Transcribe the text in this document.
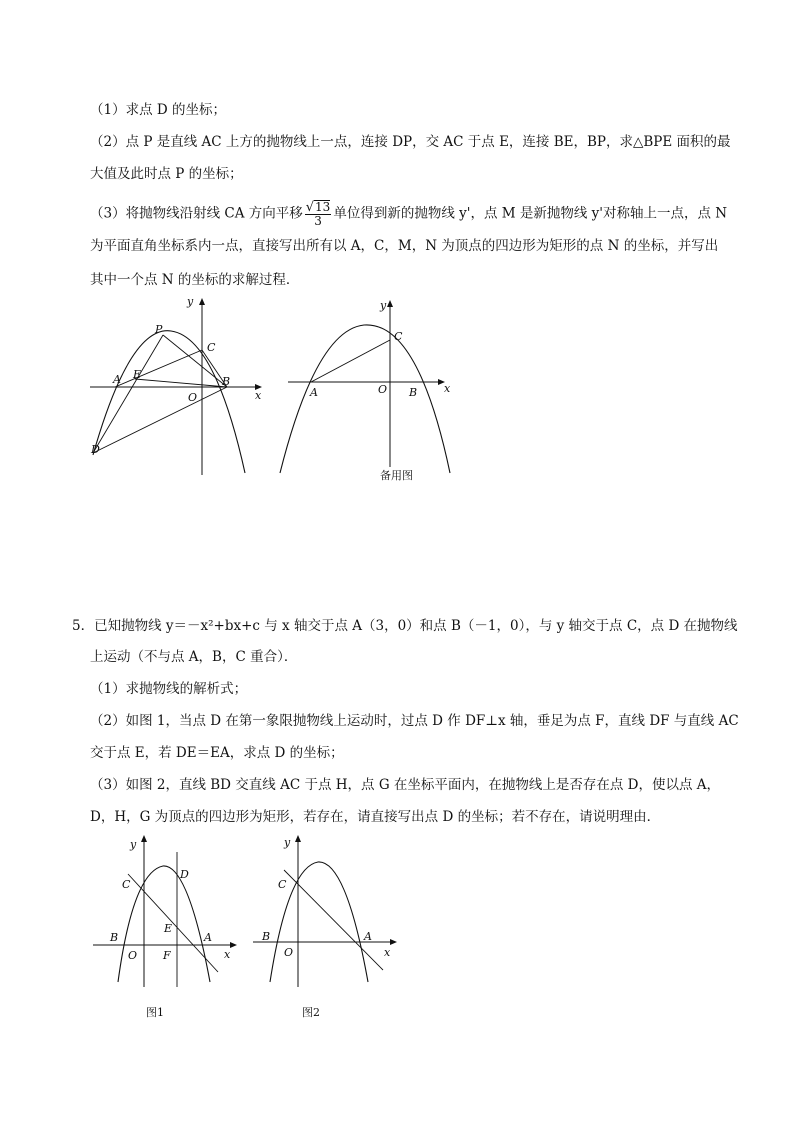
（1）求点 D 的坐标；
（2）点 P 是直线 AC 上方的抛物线上一点，连接 DP，交 AC 于点 E，连接 BE，BP，求△BPE 面积的最
大值及此时点 P 的坐标；
（3）将抛物线沿射线 CA 方向平移 $\frac{√13}{3}$ 单位得到新的抛物线 y'，点 M 是新抛物线 y'对称轴上一点，点 N
为平面直角坐标系内一点，直接写出所有以 A，C，M，N 为顶点的四边形为矩形的点 N 的坐标，并写出
其中一个点 N 的坐标的求解过程．
y
x
P
C
A E
B
O
D
y
x
C
A	O B
备用图
5．已知抛物线 y＝－x²+bx+c 与 x 轴交于点 A（3，0）和点 B（－1，0），与 y 轴交于点 C，点 D 在抛物线
上运动（不与点 A，B，C 重合）．
（1）求抛物线的解析式；
（2）如图 1，当点 D 在第一象限抛物线上运动时，过点 D 作 DF⊥x 轴，垂足为点 F，直线 DF 与直线 AC
交于点 E，若 DE＝EA，求点 D 的坐标；
（3）如图 2，直线 BD 交直线 AC 于点 H，点 G 在坐标平面内，在抛物线上是否存在点 D，使以点 A，
D，H，G 为顶点的四边形为矩形，若存在，请直接写出点 D 的坐标；若不存在，请说明理由．
y
x
C
D
E
A
B
O F
图1
y
x
C
A
B
O
图2
